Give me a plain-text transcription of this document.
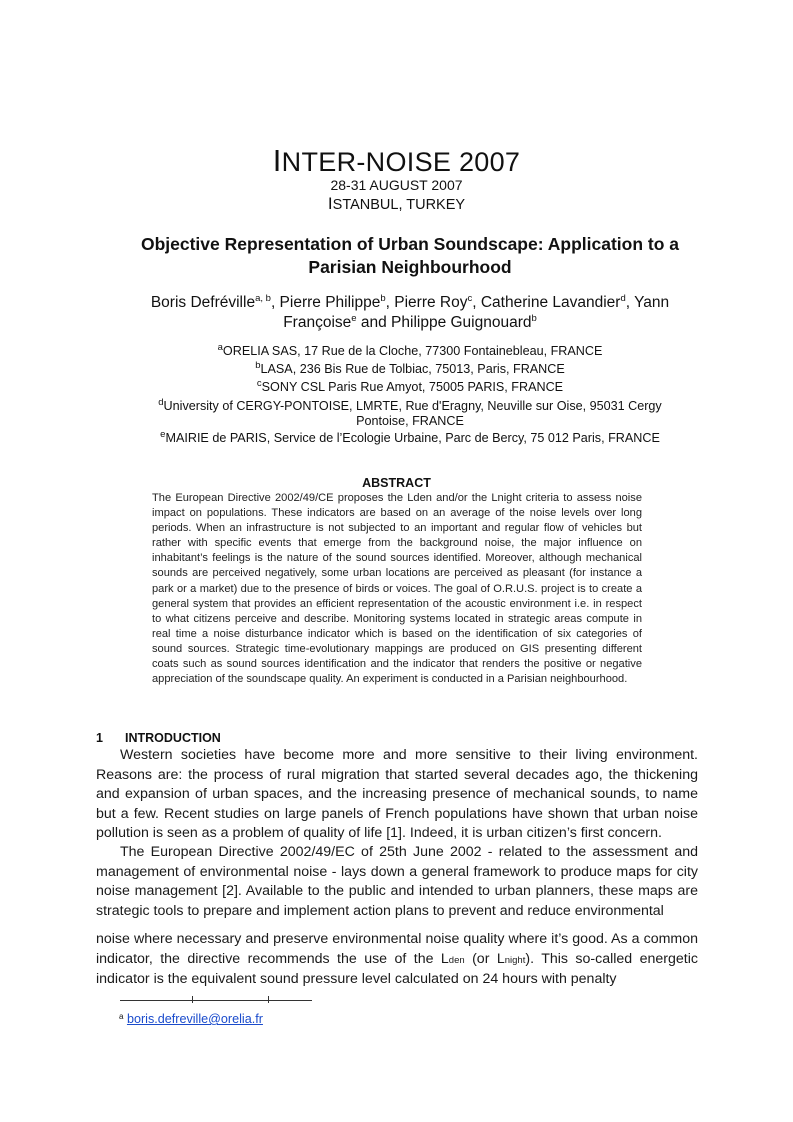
INTER-NOISE 2007
28-31 AUGUST 2007
ISTANBUL, TURKEY
Objective Representation of Urban Soundscape: Application to a
Parisian Neighbourhood
Boris Defréville$^{a, b}$, Pierre Philippe$^b$, Pierre Roy$^c$, Catherine Lavandier$^d$, Yann
Françoise$^e$ and Philippe Guignouard$^b$
$^a$ORELIA SAS, 17 Rue de la Cloche, 77300 Fontainebleau, FRANCE
$^b$LASA, 236 Bis Rue de Tolbiac, 75013, Paris, FRANCE
$^c$SONY CSL Paris Rue Amyot, 75005 PARIS, FRANCE
$^d$University of CERGY-PONTOISE, LMRTE, Rue d'Eragny, Neuville sur Oise, 95031 Cergy
Pontoise, FRANCE
$^e$MAIRIE de PARIS, Service de l’Ecologie Urbaine, Parc de Bercy, 75 012 Paris, FRANCE
ABSTRACT
The European Directive 2002/49/CE proposes the Lden and/or the Lnight criteria to assess noise impact on populations. These indicators are based on an average of the noise levels over long periods. When an infrastructure is not subjected to an important and regular flow of vehicles but rather with specific events that emerge from the background noise, the major influence on inhabitant’s feelings is the nature of the sound sources identified. Moreover, although mechanical sounds are perceived negatively, some urban locations are perceived as pleasant (for instance a park or a market) due to the presence of birds or voices. The goal of O.R.U.S. project is to create a general system that provides an efficient representation of the acoustic environment i.e. in respect to what citizens perceive and describe. Monitoring systems located in strategic areas compute in real time a noise disturbance indicator which is based on the identification of six categories of sound sources. Strategic time-evolutionary mappings are produced on GIS presenting different coats such as sound sources identification and the indicator that renders the positive or negative appreciation of the soundscape quality. An experiment is conducted in a Parisian neighbourhood.
1 INTRODUCTION

Western societies have become more and more sensitive to their living environment. Reasons are: the process of rural migration that started several decades ago, the thickening and expansion of urban spaces, and the increasing presence of mechanical sounds, to name but a few. Recent studies on large panels of French populations have shown that urban noise pollution is seen as a problem of quality of life [1]. Indeed, it is urban citizen’s first concern.

The European Directive 2002/49/EC of 25th June 2002 - related to the assessment and management of environmental noise - lays down a general framework to produce maps for city noise management [2]. Available to the public and intended to urban planners, these maps are strategic tools to prepare and implement action plans to prevent and reduce environmental

noise where necessary and preserve environmental noise quality where it’s good. As a common indicator, the directive recommends the use of the Lden (or Lnight). This so-called energetic indicator is the equivalent sound pressure level calculated on 24 hours with penalty

$^a$ boris.defreville@orelia.fr
